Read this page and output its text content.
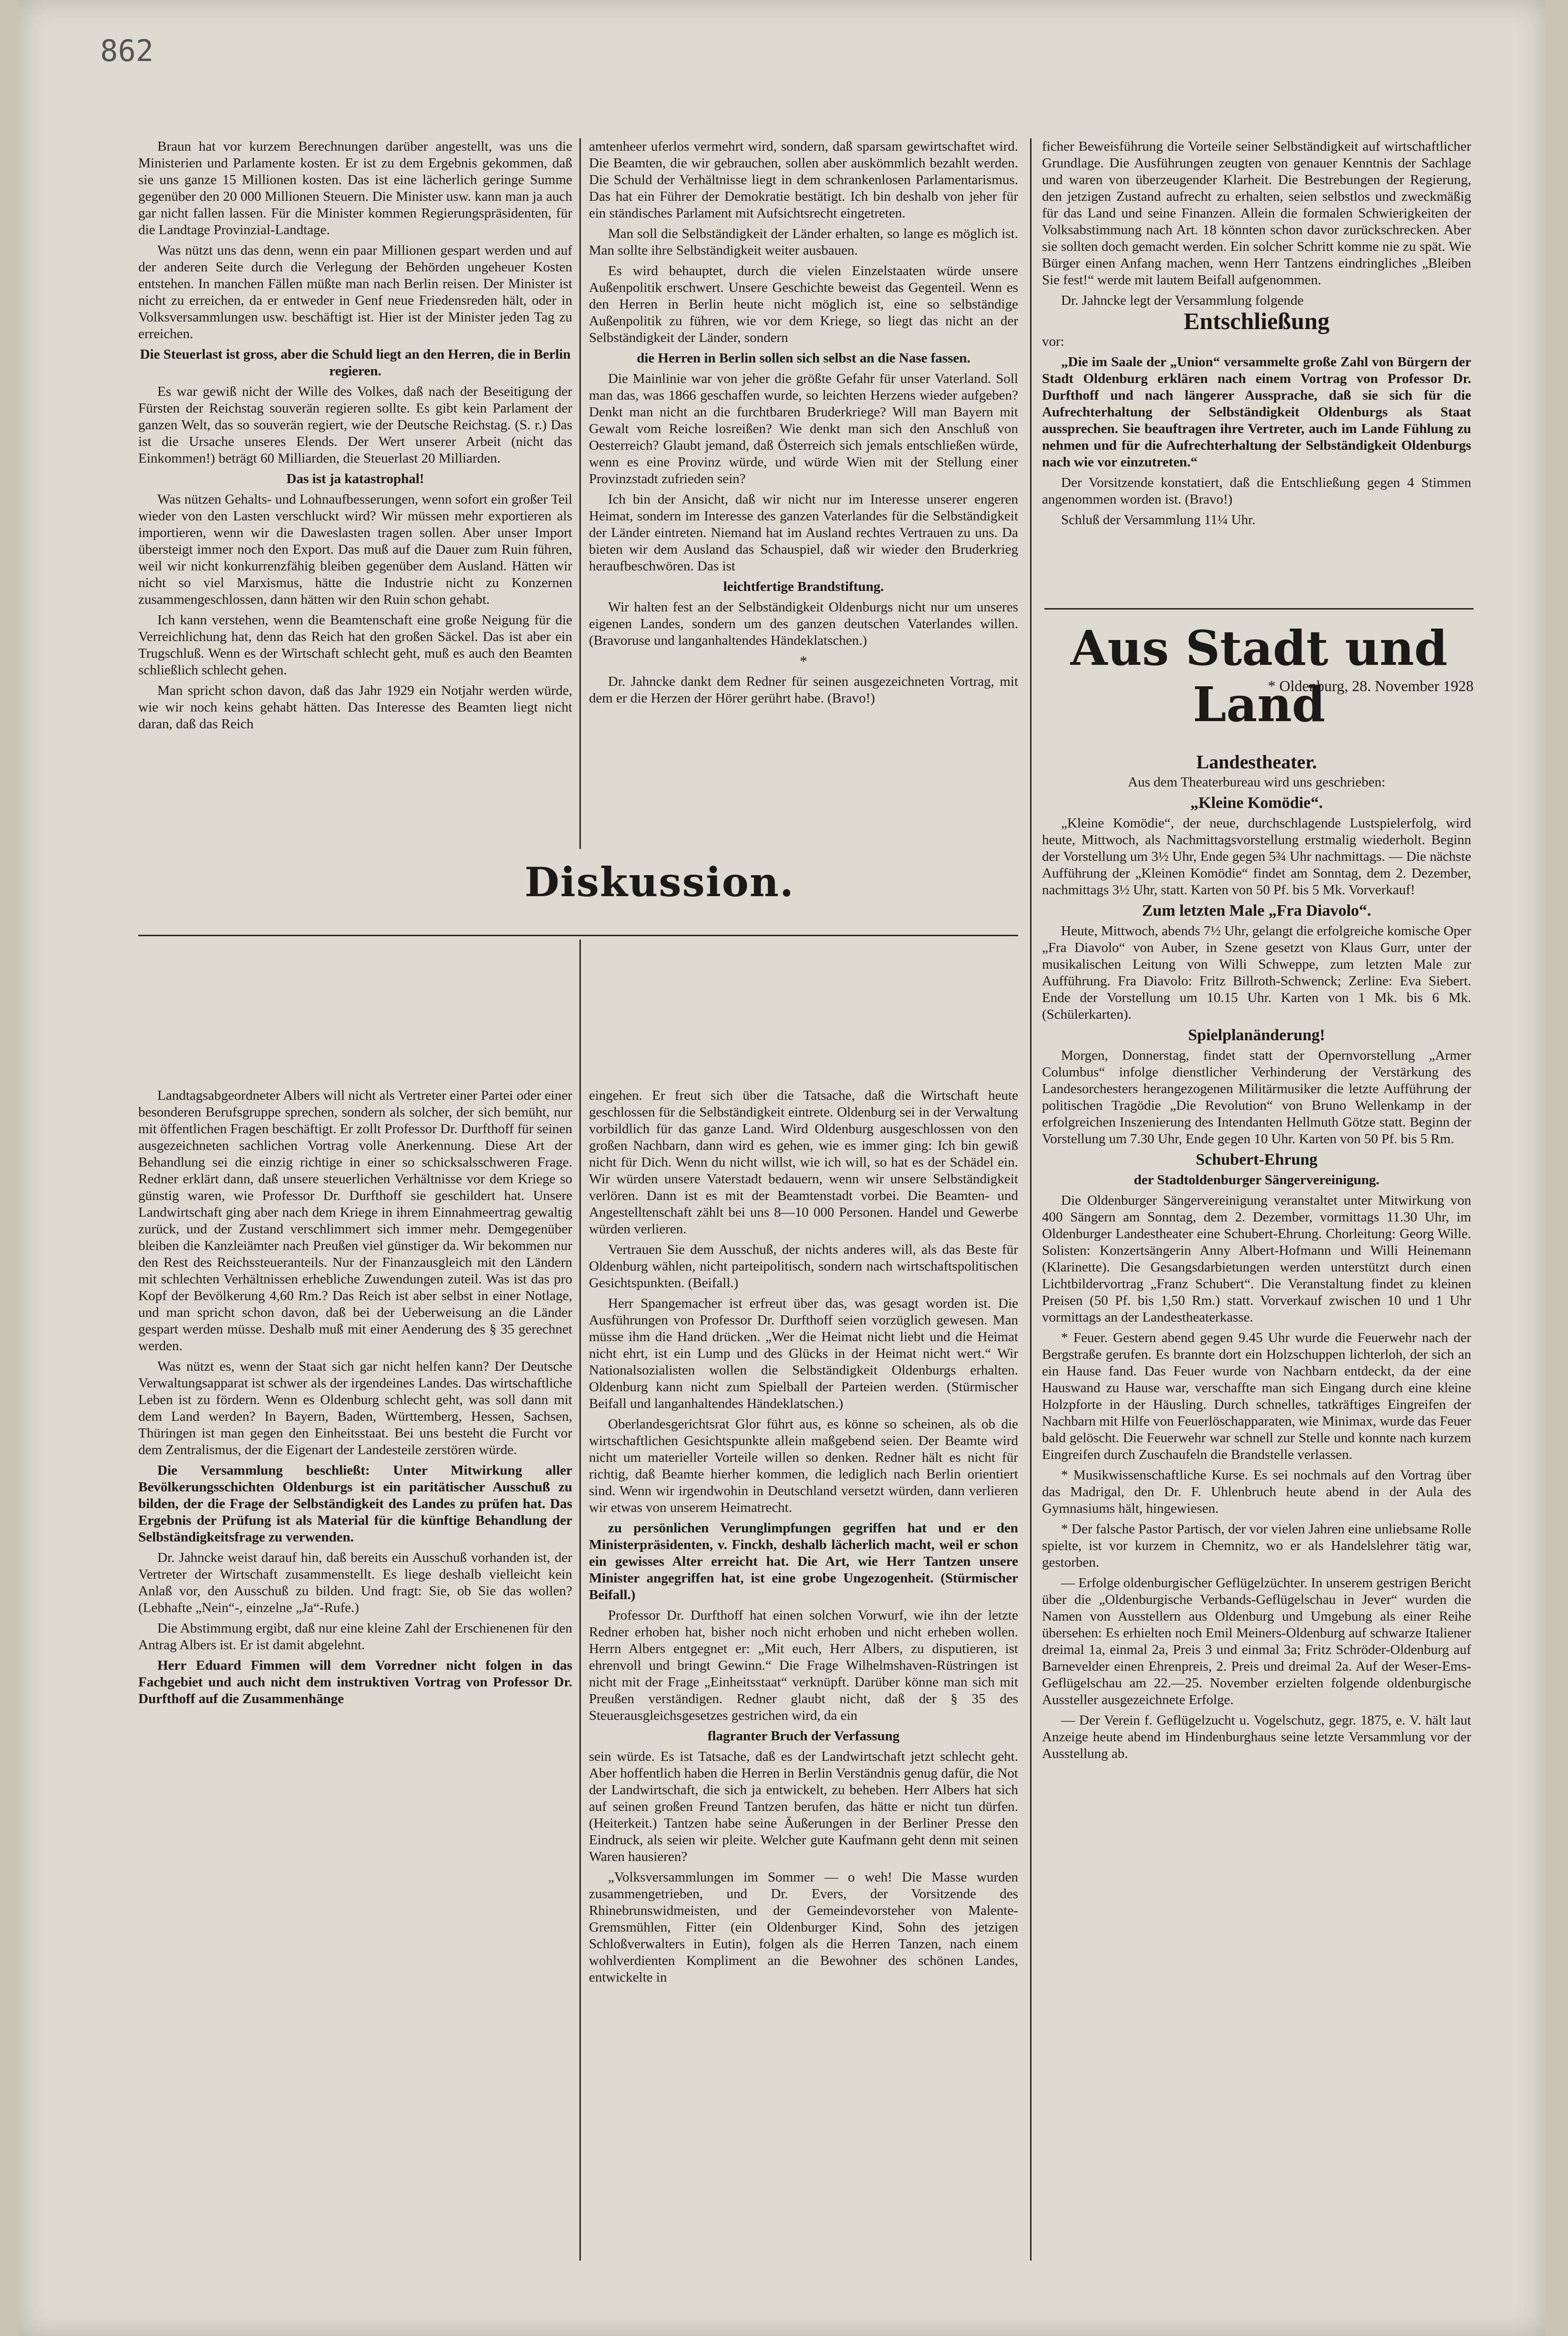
862

Braun hat vor kurzem Berechnungen darüber angestellt, was uns die Ministerien und Parlamente kosten. Er ist zu dem Ergebnis gekommen, daß sie uns ganze 15 Millionen kosten. Das ist eine lächerlich geringe Summe gegenüber den 20 000 Millionen Steuern. Die Minister usw. kann man ja auch gar nicht fallen lassen. Für die Minister kommen Regierungspräsidenten, für die Landtage Provinzial-Landtage.

Was nützt uns das denn, wenn ein paar Millionen gespart werden und auf der anderen Seite durch die Verlegung der Behörden ungeheuer Kosten entstehen. In manchen Fällen müßte man nach Berlin reisen. Der Minister ist nicht zu erreichen, da er entweder in Genf neue Friedensreden hält, oder in Volksversammlungen usw. beschäftigt ist. Hier ist der Minister jeden Tag zu erreichen.

Die Steuerlast ist gross, aber die Schuld liegt an den Herren, die in Berlin regieren.

Es war gewiß nicht der Wille des Volkes, daß nach der Beseitigung der Fürsten der Reichstag souverän regieren sollte. Es gibt kein Parlament der ganzen Welt, das so souverän regiert, wie der Deutsche Reichstag. (S. r.) Das ist die Ursache unseres Elends. Der Wert unserer Arbeit (nicht das Einkommen!) beträgt 60 Milliarden, die Steuerlast 20 Milliarden.

Das ist ja katastrophal!

Was nützen Gehalts- und Lohnaufbesserungen, wenn sofort ein großer Teil wieder von den Lasten verschluckt wird? Wir müssen mehr exportieren als importieren, wenn wir die Daweslasten tragen sollen. Aber unser Import übersteigt immer noch den Export. Das muß auf die Dauer zum Ruin führen, weil wir nicht konkurrenzfähig bleiben gegenüber dem Ausland. Hätten wir nicht so viel Marxismus, hätte die Industrie nicht zu Konzernen zusammengeschlossen, dann hätten wir den Ruin schon gehabt.

Ich kann verstehen, wenn die Beamtenschaft eine große Neigung für die Verreichlichung hat, denn das Reich hat den großen Säckel. Das ist aber ein Trugschluß. Wenn es der Wirtschaft schlecht geht, muß es auch den Beamten schließlich schlecht gehen.

Man spricht schon davon, daß das Jahr 1929 ein Notjahr werden würde, wie wir noch keins gehabt hätten. Das Interesse des Beamten liegt nicht daran, daß das Reich

amtenheer uferlos vermehrt wird, sondern, daß sparsam gewirtschaftet wird. Die Beamten, die wir gebrauchen, sollen aber auskömmlich bezahlt werden. Die Schuld der Verhältnisse liegt in dem schrankenlosen Parlamentarismus. Das hat ein Führer der Demokratie bestätigt. Ich bin deshalb von jeher für ein ständisches Parlament mit Aufsichtsrecht eingetreten.

Man soll die Selbständigkeit der Länder erhalten, so lange es möglich ist. Man sollte ihre Selbständigkeit weiter ausbauen.

Es wird behauptet, durch die vielen Einzelstaaten würde unsere Außenpolitik erschwert. Unsere Geschichte beweist das Gegenteil. Wenn es den Herren in Berlin heute nicht möglich ist, eine so selbständige Außenpolitik zu führen, wie vor dem Kriege, so liegt das nicht an der Selbständigkeit der Länder, sondern

die Herren in Berlin sollen sich selbst an die Nase fassen.

Die Mainlinie war von jeher die größte Gefahr für unser Vaterland. Soll man das, was 1866 geschaffen wurde, so leichten Herzens wieder aufgeben? Denkt man nicht an die furchtbaren Bruderkriege? Will man Bayern mit Gewalt vom Reiche losreißen? Wie denkt man sich den Anschluß von Oesterreich? Glaubt jemand, daß Österreich sich jemals entschließen würde, wenn es eine Provinz würde, und würde Wien mit der Stellung einer Provinzstadt zufrieden sein?

Ich bin der Ansicht, daß wir nicht nur im Interesse unserer engeren Heimat, sondern im Interesse des ganzen Vaterlandes für die Selbständigkeit der Länder eintreten. Niemand hat im Ausland rechtes Vertrauen zu uns. Da bieten wir dem Ausland das Schauspiel, daß wir wieder den Bruderkrieg heraufbeschwören. Das ist

leichtfertige Brandstiftung.

Wir halten fest an der Selbständigkeit Oldenburgs nicht nur um unseres eigenen Landes, sondern um des ganzen deutschen Vaterlandes willen. (Bravoruse und langanhaltendes Händeklatschen.)

*

Dr. Jahncke dankt dem Redner für seinen ausgezeichneten Vortrag, mit dem er die Herzen der Hörer gerührt habe. (Bravo!)

ficher Beweisführung die Vorteile seiner Selbständigkeit auf wirtschaftlicher Grundlage. Die Ausführungen zeugten von genauer Kenntnis der Sachlage und waren von überzeugender Klarheit. Die Bestrebungen der Regierung, den jetzigen Zustand aufrecht zu erhalten, seien selbstlos und zweckmäßig für das Land und seine Finanzen. Allein die formalen Schwierigkeiten der Volksabstimmung nach Art. 18 könnten schon davor zurückschrecken. Aber sie sollten doch gemacht werden. Ein solcher Schritt komme nie zu spät. Wie Bürger einen Anfang machen, wenn Herr Tantzens eindringliches „Bleiben Sie fest!“ werde mit lautem Beifall aufgenommen.

Dr. Jahncke legt der Versammlung folgende

Entschließung

vor:

„Die im Saale der „Union“ versammelte große Zahl von Bürgern der Stadt Oldenburg erklären nach einem Vortrag von Professor Dr. Durfthoff und nach längerer Aussprache, daß sie sich für die Aufrechterhaltung der Selbständigkeit Oldenburgs als Staat aussprechen. Sie beauftragen ihre Vertreter, auch im Lande Fühlung zu nehmen und für die Aufrechterhaltung der Selbständigkeit Oldenburgs nach wie vor einzutreten.“

Der Vorsitzende konstatiert, daß die Entschließung gegen 4 Stimmen angenommen worden ist. (Bravo!)

Schluß der Versammlung 11¼ Uhr.

Diskussion.
Aus Stadt und Land
* Oldenburg, 28. November 1928

Landtagsabgeordneter Albers will nicht als Vertreter einer Partei oder einer besonderen Berufsgruppe sprechen, sondern als solcher, der sich bemüht, nur mit öffentlichen Fragen beschäftigt. Er zollt Professor Dr. Durfthoff für seinen ausgezeichneten sachlichen Vortrag volle Anerkennung. Diese Art der Behandlung sei die einzig richtige in einer so schicksalsschweren Frage. Redner erklärt dann, daß unsere steuerlichen Verhältnisse vor dem Kriege so günstig waren, wie Professor Dr. Durfthoff sie geschildert hat. Unsere Landwirtschaft ging aber nach dem Kriege in ihrem Einnahmeertrag gewaltig zurück, und der Zustand verschlimmert sich immer mehr. Demgegenüber bleiben die Kanzleiämter nach Preußen viel günstiger da. Wir bekommen nur den Rest des Reichssteueranteils. Nur der Finanzausgleich mit den Ländern mit schlechten Verhältnissen erhebliche Zuwendungen zuteil. Was ist das pro Kopf der Bevölkerung 4,60 Rm.? Das Reich ist aber selbst in einer Notlage, und man spricht schon davon, daß bei der Ueberweisung an die Länder gespart werden müsse. Deshalb muß mit einer Aenderung des § 35 gerechnet werden.

Was nützt es, wenn der Staat sich gar nicht helfen kann? Der Deutsche Verwaltungsapparat ist schwer als der irgendeines Landes. Das wirtschaftliche Leben ist zu fördern. Wenn es Oldenburg schlecht geht, was soll dann mit dem Land werden? In Bayern, Baden, Württemberg, Hessen, Sachsen, Thüringen ist man gegen den Einheitsstaat. Bei uns besteht die Furcht vor dem Zentralismus, der die Eigenart der Landesteile zerstören würde.

Die Versammlung beschließt: Unter Mitwirkung aller Bevölkerungsschichten Oldenburgs ist ein paritätischer Ausschuß zu bilden, der die Frage der Selbständigkeit des Landes zu prüfen hat. Das Ergebnis der Prüfung ist als Material für die künftige Behandlung der Selbständigkeitsfrage zu verwenden.

Dr. Jahncke weist darauf hin, daß bereits ein Ausschuß vorhanden ist, der Vertreter der Wirtschaft zusammenstellt. Es liege deshalb vielleicht kein Anlaß vor, den Ausschuß zu bilden. Und fragt: Sie, ob Sie das wollen? (Lebhafte „Nein“-, einzelne „Ja“-Rufe.)

Die Abstimmung ergibt, daß nur eine kleine Zahl der Erschienenen für den Antrag Albers ist. Er ist damit abgelehnt.

Herr Eduard Fimmen will dem Vorredner nicht folgen in das Fachgebiet und auch nicht dem instruktiven Vortrag von Professor Dr. Durfthoff auf die Zusammenhänge

eingehen. Er freut sich über die Tatsache, daß die Wirtschaft heute geschlossen für die Selbständigkeit eintrete. Oldenburg sei in der Verwaltung vorbildlich für das ganze Land. Wird Oldenburg ausgeschlossen von den großen Nachbarn, dann wird es gehen, wie es immer ging: Ich bin gewiß nicht für Dich. Wenn du nicht willst, wie ich will, so hat es der Schädel ein. Wir würden unsere Vaterstadt bedauern, wenn wir unsere Selbständigkeit verlören. Dann ist es mit der Beamtenstadt vorbei. Die Beamten- und Angestelltenschaft zählt bei uns 8—10 000 Personen. Handel und Gewerbe würden verlieren.

Vertrauen Sie dem Ausschuß, der nichts anderes will, als das Beste für Oldenburg wählen, nicht parteipolitisch, sondern nach wirtschaftspolitischen Gesichtspunkten. (Beifall.)

Herr Spangemacher ist erfreut über das, was gesagt worden ist. Die Ausführungen von Professor Dr. Durfthoff seien vorzüglich gewesen. Man müsse ihm die Hand drücken. „Wer die Heimat nicht liebt und die Heimat nicht ehrt, ist ein Lump und des Glücks in der Heimat nicht wert.“ Wir Nationalsozialisten wollen die Selbständigkeit Oldenburgs erhalten. Oldenburg kann nicht zum Spielball der Parteien werden. (Stürmischer Beifall und langanhaltendes Händeklatschen.)

Oberlandesgerichtsrat Glor führt aus, es könne so scheinen, als ob die wirtschaftlichen Gesichtspunkte allein maßgebend seien. Der Beamte wird nicht um materieller Vorteile willen so denken. Redner hält es nicht für richtig, daß Beamte hierher kommen, die lediglich nach Berlin orientiert sind. Wenn wir irgendwohin in Deutschland versetzt würden, dann verlieren wir etwas von unserem Heimatrecht.

zu persönlichen Verunglimpfungen gegriffen hat und er den Ministerpräsidenten, v. Finckh, deshalb lächerlich macht, weil er schon ein gewisses Alter erreicht hat. Die Art, wie Herr Tantzen unsere Minister angegriffen hat, ist eine grobe Ungezogenheit. (Stürmischer Beifall.)

Professor Dr. Durfthoff hat einen solchen Vorwurf, wie ihn der letzte Redner erhoben hat, bisher noch nicht erhoben und nicht erheben wollen. Herrn Albers entgegnet er: „Mit euch, Herr Albers, zu disputieren, ist ehrenvoll und bringt Gewinn.“ Die Frage Wilhelmshaven-Rüstringen ist nicht mit der Frage „Einheitsstaat“ verknüpft. Darüber könne man sich mit Preußen verständigen. Redner glaubt nicht, daß der § 35 des Steuerausgleichsgesetzes gestrichen wird, da ein

flagranter Bruch der Verfassung

sein würde. Es ist Tatsache, daß es der Landwirtschaft jetzt schlecht geht. Aber hoffentlich haben die Herren in Berlin Verständnis genug dafür, die Not der Landwirtschaft, die sich ja entwickelt, zu beheben. Herr Albers hat sich auf seinen großen Freund Tantzen berufen, das hätte er nicht tun dürfen. (Heiterkeit.) Tantzen habe seine Äußerungen in der Berliner Presse den Eindruck, als seien wir pleite. Welcher gute Kaufmann geht denn mit seinen Waren hausieren?

„Volksversammlungen im Sommer — o weh! Die Masse wurden zusammengetrieben, und Dr. Evers, der Vorsitzende des Rhinebrunswidmeisten, und der Gemeindevorsteher von Malente-Gremsmühlen, Fitter (ein Oldenburger Kind, Sohn des jetzigen Schloßverwalters in Eutin), folgen als die Herren Tanzen, nach einem wohlverdienten Kompliment an die Bewohner des schönen Landes, entwickelte in

Landestheater.

Aus dem Theaterbureau wird uns geschrieben:

„Kleine Komödie“.

„Kleine Komödie“, der neue, durchschlagende Lustspielerfolg, wird heute, Mittwoch, als Nachmittagsvorstellung erstmalig wiederholt. Beginn der Vorstellung um 3½ Uhr, Ende gegen 5¾ Uhr nachmittags. — Die nächste Aufführung der „Kleinen Komödie“ findet am Sonntag, dem 2. Dezember, nachmittags 3½ Uhr, statt. Karten von 50 Pf. bis 5 Mk. Vorverkauf!

Zum letzten Male „Fra Diavolo“.

Heute, Mittwoch, abends 7½ Uhr, gelangt die erfolgreiche komische Oper „Fra Diavolo“ von Auber, in Szene gesetzt von Klaus Gurr, unter der musikalischen Leitung von Willi Schweppe, zum letzten Male zur Aufführung. Fra Diavolo: Fritz Billroth-Schwenck; Zerline: Eva Siebert. Ende der Vorstellung um 10.15 Uhr. Karten von 1 Mk. bis 6 Mk. (Schülerkarten).

Spielplanänderung!

Morgen, Donnerstag, findet statt der Opernvorstellung „Armer Columbus“ infolge dienstlicher Verhinderung der Verstärkung des Landesorchesters herangezogenen Militärmusiker die letzte Aufführung der politischen Tragödie „Die Revolution“ von Bruno Wellenkamp in der erfolgreichen Inszenierung des Intendanten Hellmuth Götze statt. Beginn der Vorstellung um 7.30 Uhr, Ende gegen 10 Uhr. Karten von 50 Pf. bis 5 Rm.

Schubert-Ehrung

der Stadtoldenburger Sängervereinigung.

Die Oldenburger Sängervereinigung veranstaltet unter Mitwirkung von 400 Sängern am Sonntag, dem 2. Dezember, vormittags 11.30 Uhr, im Oldenburger Landestheater eine Schubert-Ehrung. Chorleitung: Georg Wille. Solisten: Konzertsängerin Anny Albert-Hofmann und Willi Heinemann (Klarinette). Die Gesangsdarbietungen werden unterstützt durch einen Lichtbildervortrag „Franz Schubert“. Die Veranstaltung findet zu kleinen Preisen (50 Pf. bis 1,50 Rm.) statt. Vorverkauf zwischen 10 und 1 Uhr vormittags an der Landestheaterkasse.

* Feuer. Gestern abend gegen 9.45 Uhr wurde die Feuerwehr nach der Bergstraße gerufen. Es brannte dort ein Holzschuppen lichterloh, der sich an ein Hause fand. Das Feuer wurde von Nachbarn entdeckt, da der eine Hauswand zu Hause war, verschaffte man sich Eingang durch eine kleine Holzpforte in der Häusling. Durch schnelles, tatkräftiges Eingreifen der Nachbarn mit Hilfe von Feuerlöschapparaten, wie Minimax, wurde das Feuer bald gelöscht. Die Feuerwehr war schnell zur Stelle und konnte nach kurzem Eingreifen durch Zuschaufeln die Brandstelle verlassen.

* Musikwissenschaftliche Kurse. Es sei nochmals auf den Vortrag über das Madrigal, den Dr. F. Uhlenbruch heute abend in der Aula des Gymnasiums hält, hingewiesen.

* Der falsche Pastor Partisch, der vor vielen Jahren eine unliebsame Rolle spielte, ist vor kurzem in Chemnitz, wo er als Handelslehrer tätig war, gestorben.

— Erfolge oldenburgischer Geflügelzüchter. In unserem gestrigen Bericht über die „Oldenburgische Verbands-Geflügelschau in Jever“ wurden die Namen von Ausstellern aus Oldenburg und Umgebung als einer Reihe übersehen: Es erhielten noch Emil Meiners-Oldenburg auf schwarze Italiener dreimal 1a, einmal 2a, Preis 3 und einmal 3a; Fritz Schröder-Oldenburg auf Barnevelder einen Ehrenpreis, 2. Preis und dreimal 2a. Auf der Weser-Ems-Geflügelschau am 22.—25. November erzielten folgende oldenburgische Aussteller ausgezeichnete Erfolge.

— Der Verein f. Geflügelzucht u. Vogelschutz, gegr. 1875, e. V. hält laut Anzeige heute abend im Hindenburghaus seine letzte Versammlung vor der Ausstellung ab.
